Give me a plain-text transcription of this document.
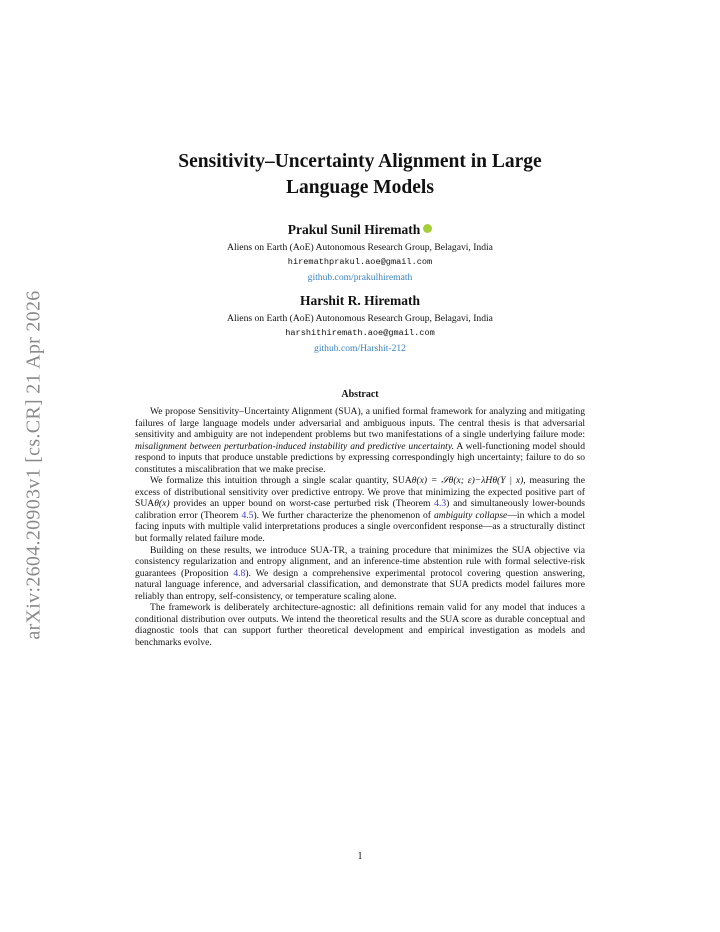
arXiv:2604.20903v1 [cs.CR] 21 Apr 2026
Sensitivity–Uncertainty Alignment in Large Language Models
Prakul Sunil Hiremath
Aliens on Earth (AoE) Autonomous Research Group, Belagavi, India
hiremathprakul.aoe@gmail.com
github.com/prakulhiremath
Harshit R. Hiremath
Aliens on Earth (AoE) Autonomous Research Group, Belagavi, India
harshithiremath.aoe@gmail.com
github.com/Harshit-212
Abstract

We propose Sensitivity–Uncertainty Alignment (SUA), a unified formal framework for analyzing and mitigating failures of large language models under adversarial and ambiguous inputs. The central thesis is that adversarial sensitivity and ambiguity are not independent problems but two manifestations of a single underlying failure mode: misalignment between perturbation-induced instability and predictive uncertainty. A well-functioning model should respond to inputs that produce unstable predictions by expressing correspondingly high uncertainty; failure to do so constitutes a miscalibration that we make precise.

We formalize this intuition through a single scalar quantity, SUAθ(x) = 𝒮θ(x; ε)−λHθ(Y | x), measuring the excess of distributional sensitivity over predictive entropy. We prove that minimizing the expected positive part of SUAθ(x) provides an upper bound on worst-case perturbed risk (Theorem 4.3) and simultaneously lower-bounds calibration error (Theorem 4.5). We further characterize the phenomenon of ambiguity collapse—in which a model facing inputs with multiple valid interpretations produces a single overconfident response—as a structurally distinct but formally related failure mode.

Building on these results, we introduce SUA-TR, a training procedure that minimizes the SUA objective via consistency regularization and entropy alignment, and an inference-time abstention rule with formal selective-risk guarantees (Proposition 4.8). We design a comprehensive experimental protocol covering question answering, natural language inference, and adversarial classification, and demonstrate that SUA predicts model failures more reliably than entropy, self-consistency, or temperature scaling alone.

The framework is deliberately architecture-agnostic: all definitions remain valid for any model that induces a conditional distribution over outputs. We intend the theoretical results and the SUA score as durable conceptual and diagnostic tools that can support further theoretical development and empirical investigation as models and benchmarks evolve.

1
